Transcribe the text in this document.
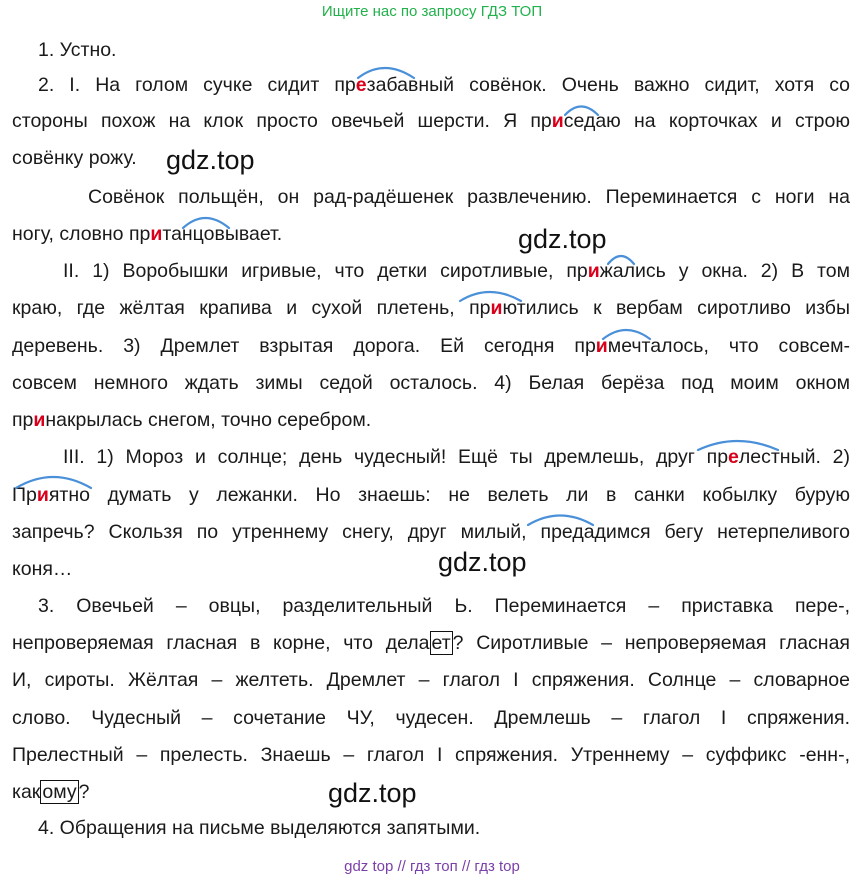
Ищите нас по запросу ГДЗ ТОП
1. Устно.
2. I. На голом сучке сидит презабавный совёнок. Очень важно сидит, хотя со
стороны похож на клок просто овечьей шерсти. Я приседаю на корточках и строю
совёнку рожу.
Совёнок польщён, он рад-радёшенек развлечению. Переминается с ноги на
ногу, словно пританцовывает.
II. 1) Воробышки игривые, что детки сиротливые, прижались у окна. 2) В том
краю, где жёлтая крапива и сухой плетень, приютились к вербам сиротливо избы
деревень. 3) Дремлет взрытая дорога. Ей сегодня примечталось, что совсем-
совсем немного ждать зимы седой осталось. 4) Белая берёза под моим окном
принакрылась снегом, точно серебром.
III. 1) Мороз и солнце; день чудесный! Ещё ты дремлешь, друг прелестный. 2)
Приятно думать у лежанки. Но знаешь: не велеть ли в санки кобылку бурую
запречь? Скользя по утреннему снегу, друг милый, предадимся бегу нетерпеливого
коня…
3. Овечьей – овцы, разделительный Ь. Переминается – приставка пере-,
непроверяемая гласная в корне, что дела ет ? Сиротливые – непроверяемая гласная
И, сироты. Жёлтая – желтеть. Дремлет – глагол I спряжения. Солнце – словарное
слово. Чудесный – сочетание ЧУ, чудесен. Дремлешь – глагол I спряжения.
Прелестный – прелесть. Знаешь – глагол I спряжения. Утреннему – суффикс -енн-,
как ому ?
4. Обращения на письме выделяются запятыми.
gdz.top
gdz.top
gdz.top
gdz.top
gdz top // гдз топ // гдз top
